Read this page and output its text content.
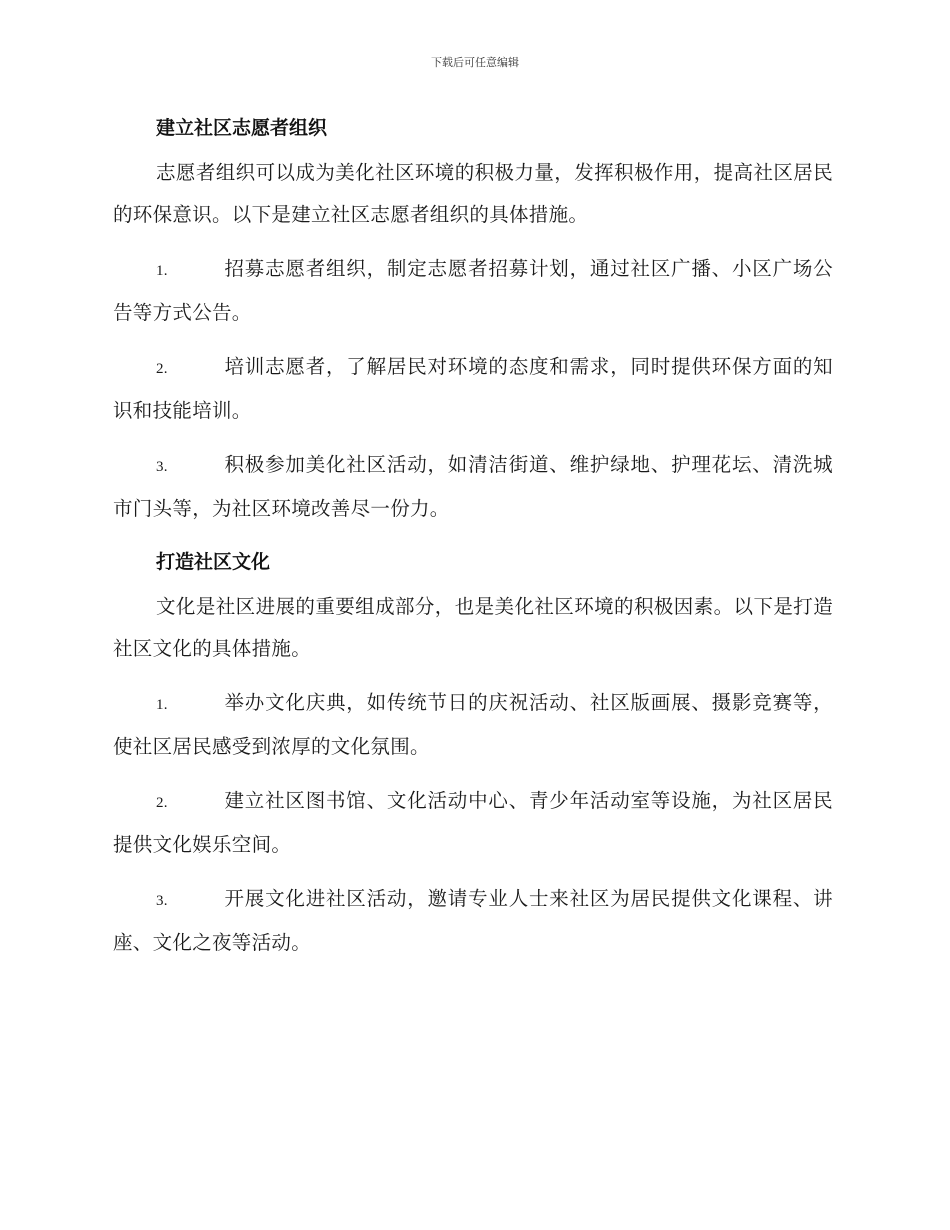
下载后可任意编辑
建立社区志愿者组织

志愿者组织可以成为美化社区环境的积极力量，发挥积极作用，提高社区居民的环保意识。以下是建立社区志愿者组织的具体措施。

1.	招募志愿者组织，制定志愿者招募计划，通过社区广播、小区广场公告等方式公告。

2.	培训志愿者，了解居民对环境的态度和需求，同时提供环保方面的知识和技能培训。

3.	积极参加美化社区活动，如清洁街道、维护绿地、护理花坛、清洗城市门头等，为社区环境改善尽一份力。

打造社区文化

文化是社区进展的重要组成部分，也是美化社区环境的积极因素。以下是打造社区文化的具体措施。

1.	举办文化庆典，如传统节日的庆祝活动、社区版画展、摄影竞赛等，使社区居民感受到浓厚的文化氛围。

2.	建立社区图书馆、文化活动中心、青少年活动室等设施，为社区居民提供文化娱乐空间。

3.	开展文化进社区活动，邀请专业人士来社区为居民提供文化课程、讲座、文化之夜等活动。
